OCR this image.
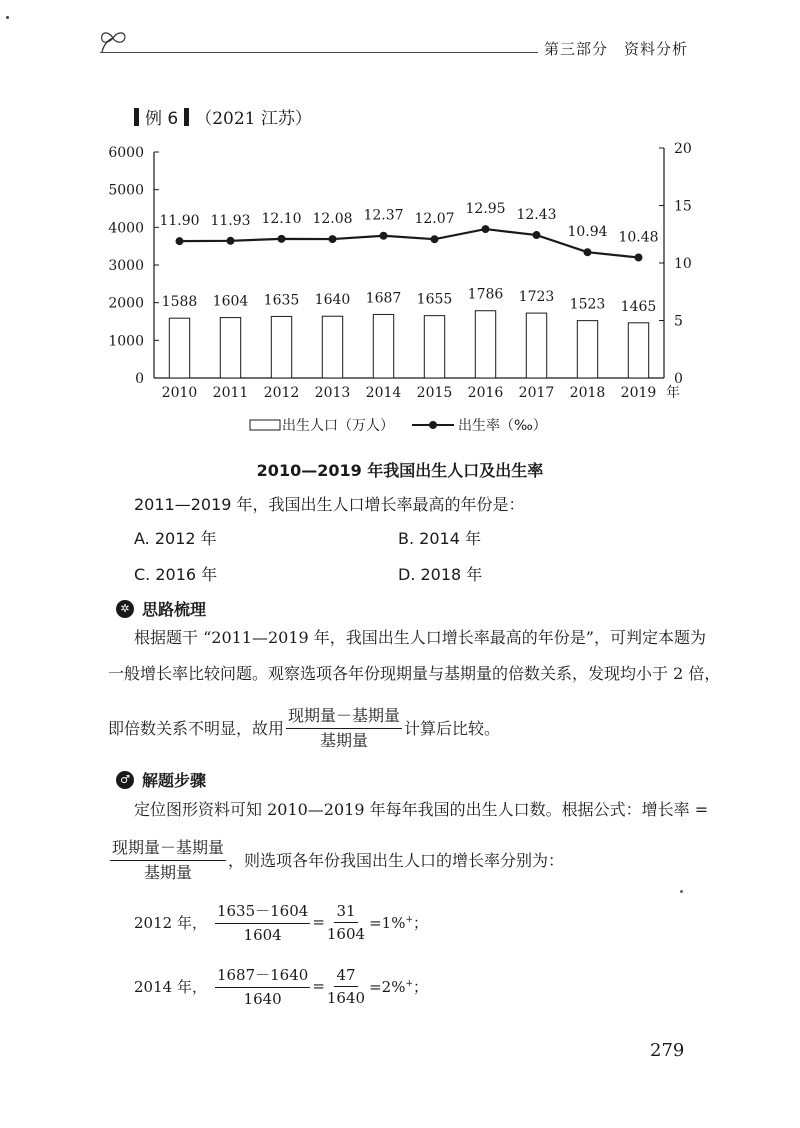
第三部分　资料分析
例 6 （2021 江苏）
0
1000
2000
3000
4000
5000
6000
0
5
10
15
20
1588 1604 1635 1640 1687 1655 1786 1723 1523 1465
11.90 11.93 12.10 12.08 12.37 12.07
12.95 12.43
10.94 10.48
2010 2011 2012 2013 2014 2015 2016 2017 2018 2019 年
出生人口（万人）	出生率（‰）
2010—2019 年我国出生人口及出生率
2011—2019 年，我国出生人口增长率最高的年份是：
A. 2012 年	B. 2014 年
C. 2016 年	D. 2018 年
✲ 思路梳理
根据题干 “2011—2019 年，我国出生人口增长率最高的年份是”，可判定本题为
一般增长率比较问题。观察选项各年份现期量与基期量的倍数关系，发现均小于 2 倍，
即倍数关系不明显，故用 $\frac{\text{现期量－基期量}}{\text{基期量}}$ 计算后比较。
♂ 解题步骤
定位图形资料可知 2010—2019 年每年我国的出生人口数。根据公式：增长率 =
$\frac{\text{现期量－基期量}}{\text{基期量}}$ ，则选项各年份我国出生人口的增长率分别为：
2012 年， $\frac{1635-1604}{1604} = \frac{31}{1604} =1\%^+$；
2014 年， $\frac{1687-1640}{1640} = \frac{47}{1640} =2\%^+$；
279
